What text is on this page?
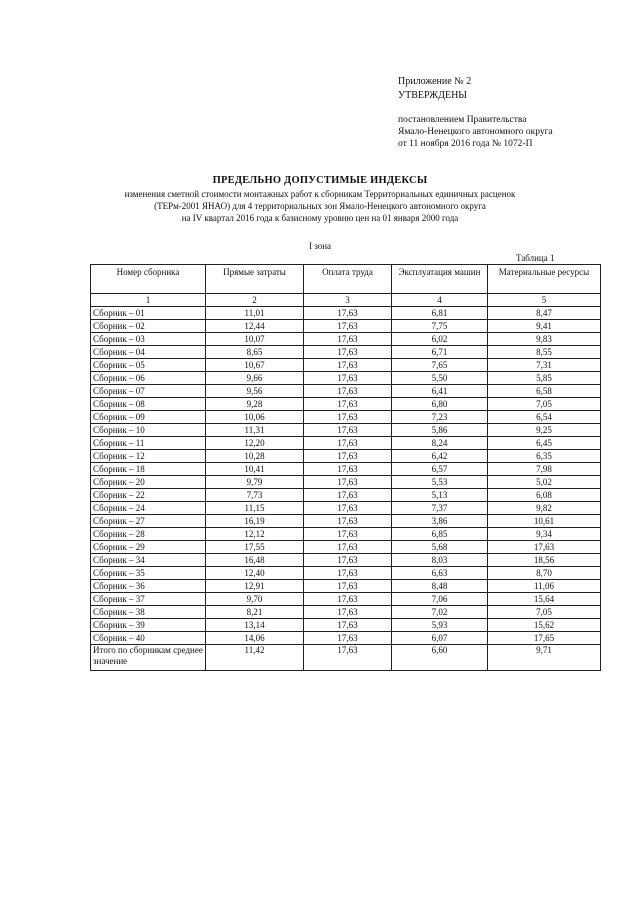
Приложение № 2
УТВЕРЖДЕНЫ
постановлением Правительства
Ямало-Ненецкого автономного округа
от 11 ноября 2016 года № 1072-П
ПРЕДЕЛЬНО ДОПУСТИМЫЕ ИНДЕКСЫ
изменения сметной стоимости монтажных работ к сборникам Территориальных единичных расценок
(ТЕРм-2001 ЯНАО) для 4 территориальных зон Ямало-Ненецкого автономного округа
на IV квартал 2016 года к базисному уровню цен на 01 января 2000 года
I зона
Таблица 1
Номер сборника	Прямые затраты	Оплата труда	Эксплуатация машин	Материальные ресурсы
1	2	3	4	5
Сборник – 01	11,01	17,63	6,81	8,47
Сборник – 02	12,44	17,63	7,75	9,41
Сборник – 03	10,07	17,63	6,02	9,83
Сборник – 04	8,65	17,63	6,71	8,55
Сборник – 05	10,67	17,63	7,65	7,31
Сборник – 06	9,66	17,63	5,50	5,85
Сборник – 07	9,56	17,63	6,41	6,58
Сборник – 08	9,28	17,63	6,80	7,05
Сборник – 09	10,06	17,63	7,23	6,54
Сборник – 10	11,31	17,63	5,86	9,25
Сборник – 11	12,20	17,63	8,24	6,45
Сборник – 12	10,28	17,63	6,42	6,35
Сборник – 18	10,41	17,63	6,57	7,98
Сборник – 20	9,79	17,63	5,53	5,02
Сборник – 22	7,73	17,63	5,13	6,08
Сборник – 24	11,15	17,63	7,37	9,82
Сборник – 27	16,19	17,63	3,86	10,61
Сборник – 28	12,12	17,63	6,85	9,34
Сборник – 29	17,55	17,63	5,68	17,63
Сборник – 34	16,48	17,63	8,03	18,56
Сборник – 35	12,40	17,63	6,63	8,70
Сборник – 36	12,91	17,63	8,48	11,06
Сборник – 37	9,70	17,63	7,06	15,64
Сборник – 38	8,21	17,63	7,02	7,05
Сборник – 39	13,14	17,63	5,93	15,62
Сборник – 40	14,06	17,63	6,07	17,65
Итого по сборникам среднее значение	11,42	17,63	6,60	9,71
